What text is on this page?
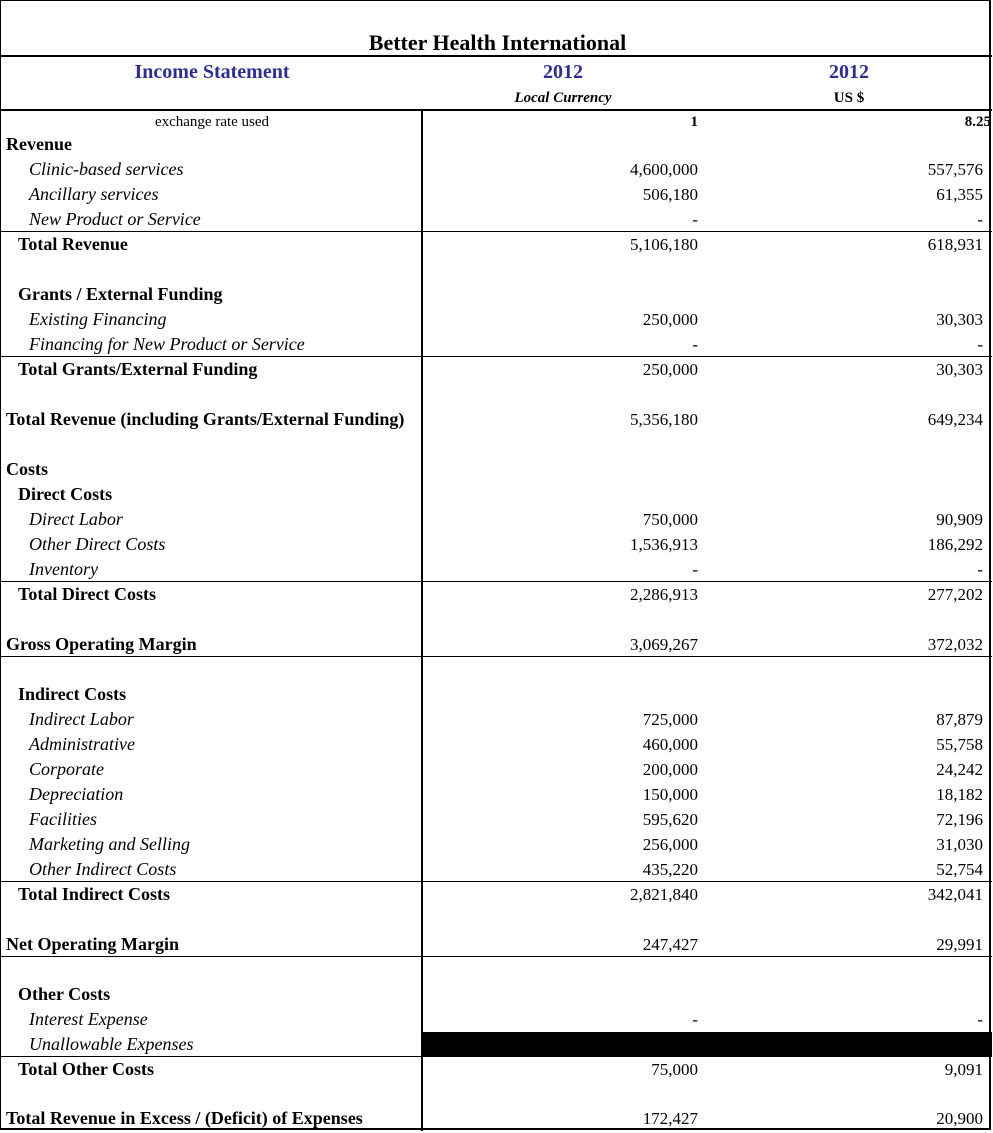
Better Health International
Income Statement	2012	2012
Local Currency	US $
exchange rate used	1	8.25
Revenue
Clinic-based services	4,600,000	557,576
Ancillary services	506,180	61,355
New Product or Service	-	-
Total Revenue	5,106,180	618,931
Grants / External Funding
Existing Financing	250,000	30,303
Financing for New Product or Service	-	-
Total Grants/External Funding	250,000	30,303
Total Revenue (including Grants/External Funding)	5,356,180	649,234
Costs
Direct Costs
Direct Labor	750,000	90,909
Other Direct Costs	1,536,913	186,292
Inventory	-	-
Total Direct Costs	2,286,913	277,202
Gross Operating Margin	3,069,267	372,032
Indirect Costs
Indirect Labor	725,000	87,879
Administrative	460,000	55,758
Corporate	200,000	24,242
Depreciation	150,000	18,182
Facilities	595,620	72,196
Marketing and Selling	256,000	31,030
Other Indirect Costs	435,220	52,754
Total Indirect Costs	2,821,840	342,041
Net Operating Margin	247,427	29,991
Other Costs
Interest Expense	-	-
Unallowable Expenses
Total Other Costs	75,000	9,091
Total Revenue in Excess / (Deficit) of Expenses	172,427	20,900
